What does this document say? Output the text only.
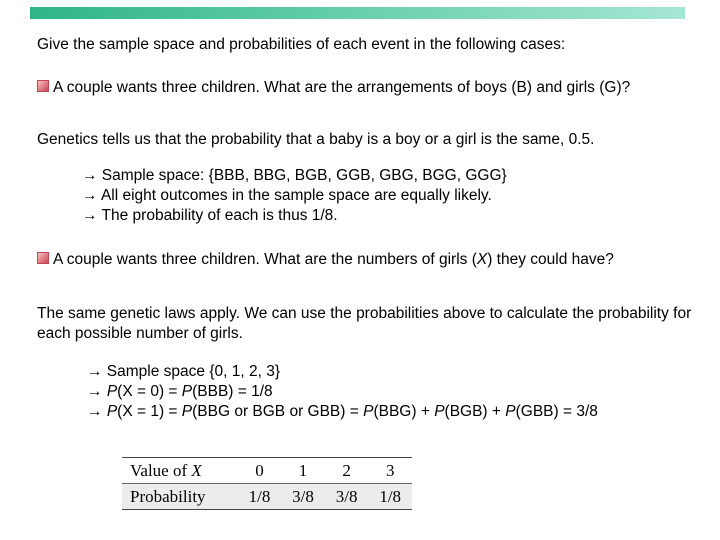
Give the sample space and probabilities of each event in the following cases:

A couple wants three children. What are the arrangements of boys (B) and girls (G)?

Genetics tells us that the probability that a baby is a boy or a girl is the same, 0.5.

→ Sample space: {BBB, BBG, BGB, GGB, GBG, BGG, GGG}
→ All eight outcomes in the sample space are equally likely.
→ The probability of each is thus 1/8.

A couple wants three children. What are the numbers of girls (X) they could have?

The same genetic laws apply. We can use the probabilities above to calculate the probability for each possible number of girls.

→ Sample space {0, 1, 2, 3}
→ P(X = 0) = P(BBB) = 1/8
→ P(X = 1) = P(BBG or BGB or GBB) = P(BBG) + P(BGB) + P(GBB) = 3/8
Value of X	0	1	2	3
Probability	1/8	3/8	3/8	1/8
